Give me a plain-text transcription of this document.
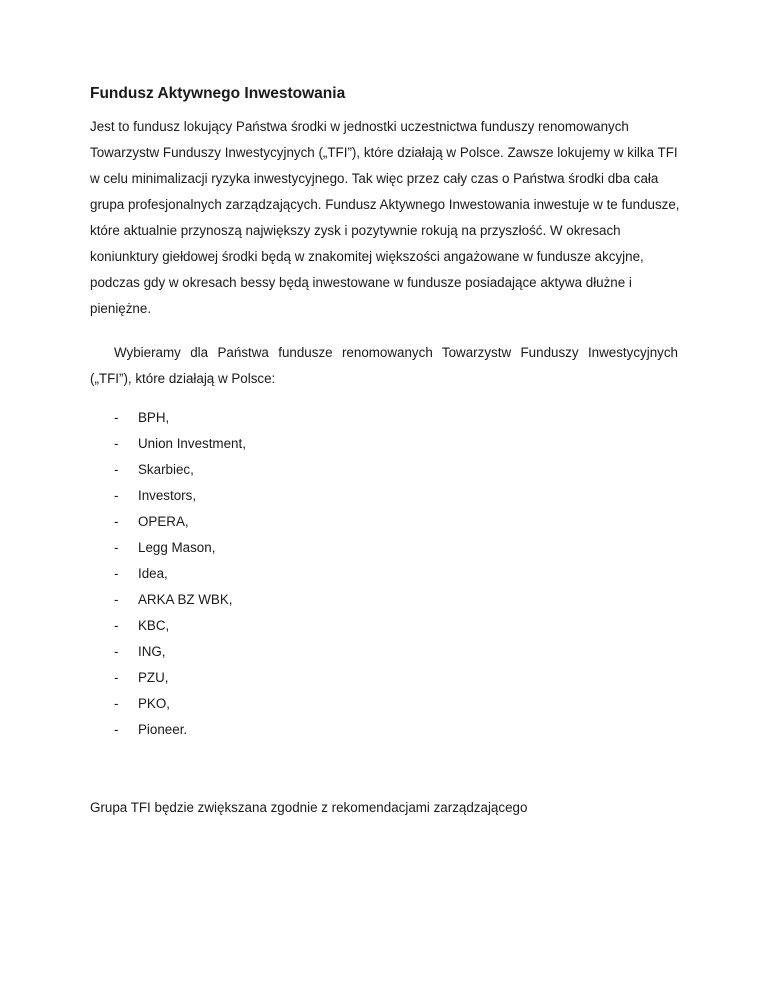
Fundusz Aktywnego Inwestowania

Jest to fundusz lokujący Państwa środki w jednostki uczestnictwa funduszy renomowanych Towarzystw Funduszy Inwestycyjnych („TFI”), które działają w Polsce. Zawsze lokujemy w kilka TFI w celu minimalizacji ryzyka inwestycyjnego. Tak więc przez cały czas o Państwa środki dba cała grupa profesjonalnych zarządzających. Fundusz Aktywnego Inwestowania inwestuje w te fundusze, które aktualnie przynoszą największy zysk i pozytywnie rokują na przyszłość. W okresach koniunktury giełdowej środki będą w znakomitej większości angażowane w fundusze akcyjne, podczas gdy w okresach bessy będą inwestowane w fundusze posiadające aktywa dłużne i pieniężne.

Wybieramy dla Państwa fundusze renomowanych Towarzystw Funduszy Inwestycyjnych („TFI”), które działają w Polsce:

- BPH,
- Union Investment,
- Skarbiec,
- Investors,
- OPERA,
- Legg Mason,
- Idea,
- ARKA BZ WBK,
- KBC,
- ING,
- PZU,
- PKO,
- Pioneer.

Grupa TFI będzie zwiększana zgodnie z rekomendacjami zarządzającego
